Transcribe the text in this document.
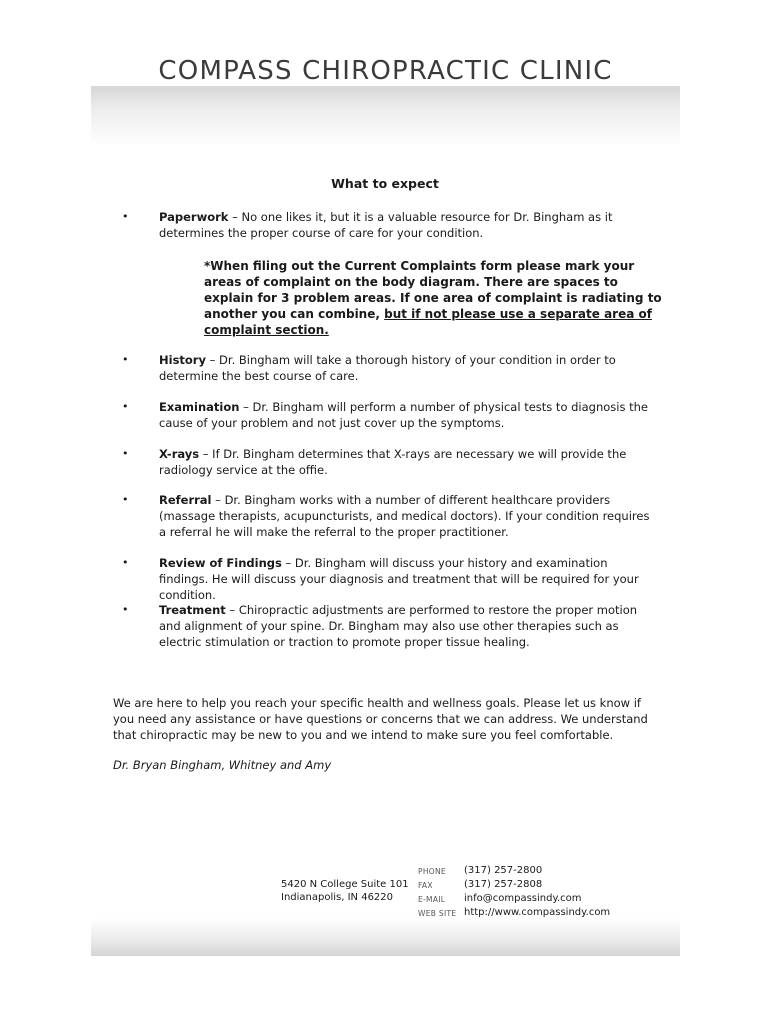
COMPASS CHIROPRACTIC CLINIC
What to expect
•	Paperwork – No one likes it, but it is a valuable resource for Dr. Bingham as it determines the proper course of care for your condition.
•	History – Dr. Bingham will take a thorough history of your condition in order to determine the best course of care.
•	Examination – Dr. Bingham will perform a number of physical tests to diagnosis the cause of your problem and not just cover up the symptoms.
•	X-rays – If Dr. Bingham determines that X-rays are necessary we will provide the radiology service at the offie.
•	Referral – Dr. Bingham works with a number of different healthcare providers (massage therapists, acupuncturists, and medical doctors). If your condition requires a referral he will make the referral to the proper practitioner.
•	Review of Findings – Dr. Bingham will discuss your history and examination findings. He will discuss your diagnosis and treatment that will be required for your condition.
•	Treatment – Chiropractic adjustments are performed to restore the proper motion and alignment of your spine. Dr. Bingham may also use other therapies such as electric stimulation or traction to promote proper tissue healing.
*When filing out the Current Complaints form please mark your areas of complaint on the body diagram. There are spaces to explain for 3 problem areas. If one area of complaint is radiating to another you can combine, but if not please use a separate area of complaint section.
We are here to help you reach your specific health and wellness goals. Please let us know if you need any assistance or have questions or concerns that we can address. We understand that chiropractic may be new to you and we intend to make sure you feel comfortable.
Dr. Bryan Bingham, Whitney and Amy
5420 N College Suite 101
Indianapolis, IN 46220
PHONE	(317) 257-2800
FAX	(317) 257-2808
E-MAIL	info@compassindy.com
WEB SITE http://www.compassindy.com
